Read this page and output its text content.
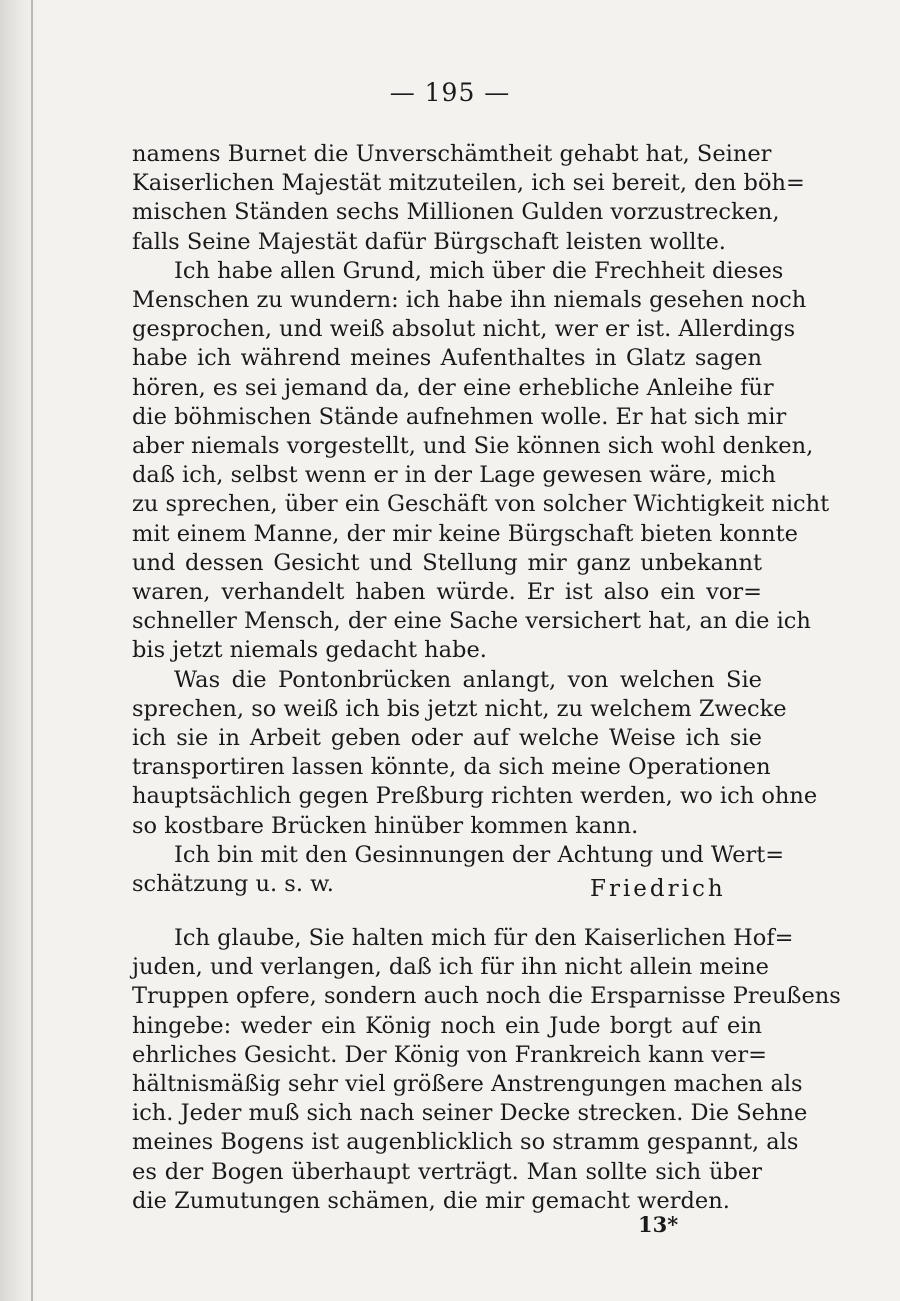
— 195 —
namens Burnet die Unverschämtheit gehabt hat, Seiner
Kaiserlichen Majestät mitzuteilen, ich sei bereit, den böh=
mischen Ständen sechs Millionen Gulden vorzustrecken,
falls Seine Majestät dafür Bürgschaft leisten wollte.
Ich habe allen Grund, mich über die Frechheit dieses
Menschen zu wundern: ich habe ihn niemals gesehen noch
gesprochen, und weiß absolut nicht, wer er ist. Allerdings
habe ich während meines Aufenthaltes in Glatz sagen
hören, es sei jemand da, der eine erhebliche Anleihe für
die böhmischen Stände aufnehmen wolle. Er hat sich mir
aber niemals vorgestellt, und Sie können sich wohl denken,
daß ich, selbst wenn er in der Lage gewesen wäre, mich
zu sprechen, über ein Geschäft von solcher Wichtigkeit nicht
mit einem Manne, der mir keine Bürgschaft bieten konnte
und dessen Gesicht und Stellung mir ganz unbekannt
waren, verhandelt haben würde. Er ist also ein vor=
schneller Mensch, der eine Sache versichert hat, an die ich
bis jetzt niemals gedacht habe.
Was die Pontonbrücken anlangt, von welchen Sie
sprechen, so weiß ich bis jetzt nicht, zu welchem Zwecke
ich sie in Arbeit geben oder auf welche Weise ich sie
transportiren lassen könnte, da sich meine Operationen
hauptsächlich gegen Preßburg richten werden, wo ich ohne
so kostbare Brücken hinüber kommen kann.
Ich bin mit den Gesinnungen der Achtung und Wert=
schätzung u. s. w.	Friedrich
Ich glaube, Sie halten mich für den Kaiserlichen Hof=
juden, und verlangen, daß ich für ihn nicht allein meine
Truppen opfere, sondern auch noch die Ersparnisse Preußens
hingebe: weder ein König noch ein Jude borgt auf ein
ehrliches Gesicht. Der König von Frankreich kann ver=
hältnismäßig sehr viel größere Anstrengungen machen als
ich. Jeder muß sich nach seiner Decke strecken. Die Sehne
meines Bogens ist augenblicklich so stramm gespannt, als
es der Bogen überhaupt verträgt. Man sollte sich über
die Zumutungen schämen, die mir gemacht werden.
13*
